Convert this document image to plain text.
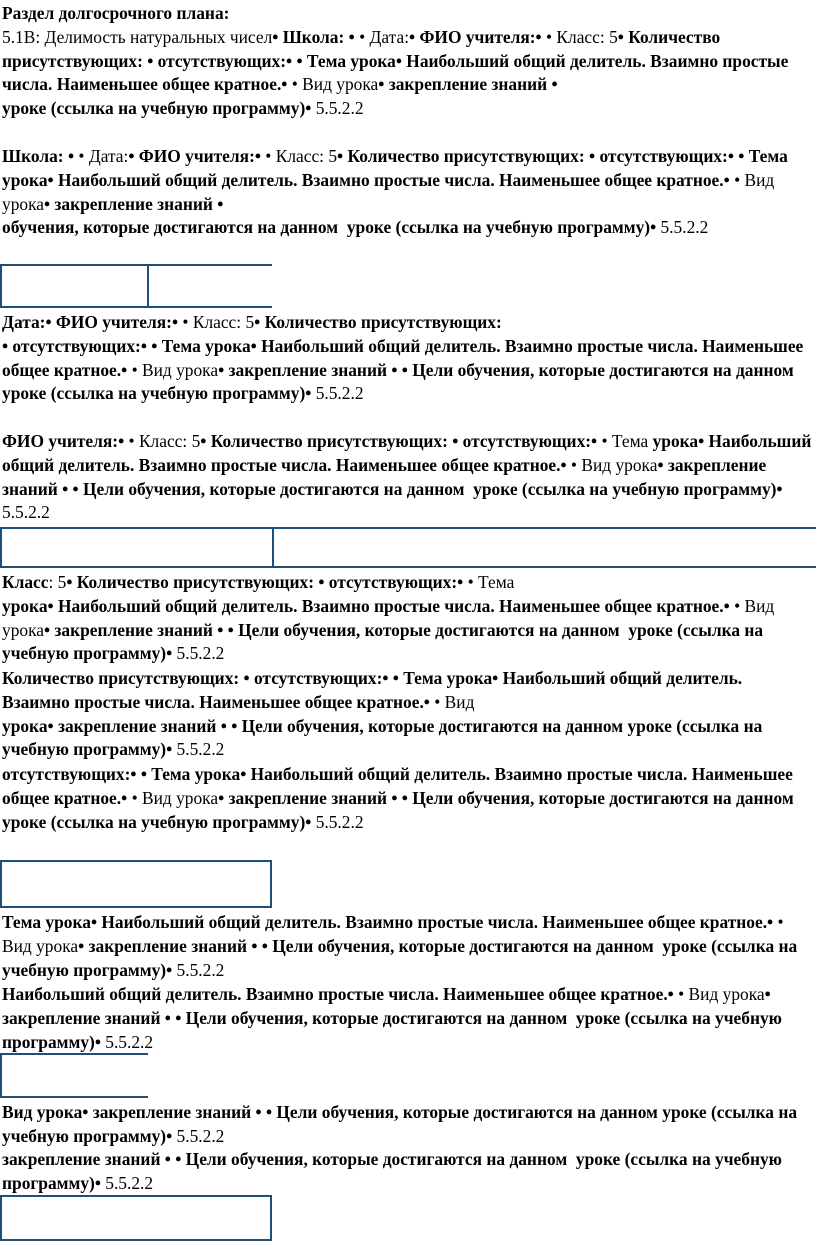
Раздел долгосрочного плана:
5.1В: Делимость натуральных чисел• Школа: • • Дата:• ФИО учителя:• • Класс: 5• Количество присутствующих: • отсутствующих:• • Тема урока• Наибольший общий делитель. Взаимно простые числа. Наименьшее общее кратное.• • Вид урока• закрепление знаний •
уроке (ссылка на учебную программу)• 5.5.2.2

Школа: • • Дата:• ФИО учителя:• • Класс: 5• Количество присутствующих: • отсутствующих:• • Тема урока• Наибольший общий делитель. Взаимно простые числа. Наименьшее общее кратное.• • Вид урока• закрепление знаний •
обучения, которые достигаются на данном  уроке (ссылка на учебную программу)• 5.5.2.2

Дата:• ФИО учителя:• • Класс: 5• Количество присутствующих:
• отсутствующих:• • Тема урока• Наибольший общий делитель. Взаимно простые числа. Наименьшее общее кратное.• • Вид урока• закрепление знаний • • Цели обучения, которые достигаются на данном  уроке (ссылка на учебную программу)• 5.5.2.2

ФИО учителя:• • Класс: 5• Количество присутствующих: • отсутствующих:• • Тема урока• Наибольший общий делитель. Взаимно простые числа. Наименьшее общее кратное.• • Вид урока• закрепление знаний • • Цели обучения, которые достигаются на данном  уроке (ссылка на учебную программу)• 5.5.2.2

Класс: 5• Количество присутствующих: • отсутствующих:• • Тема
урока• Наибольший общий делитель. Взаимно простые числа. Наименьшее общее кратное.• • Вид урока• закрепление знаний • • Цели обучения, которые достигаются на данном  уроке (ссылка на учебную программу)• 5.5.2.2

Количество присутствующих: • отсутствующих:• • Тема урока• Наибольший общий делитель. Взаимно простые числа. Наименьшее общее кратное.• • Вид
урока• закрепление знаний • • Цели обучения, которые достигаются на данном уроке (ссылка на учебную программу)• 5.5.2.2

отсутствующих:• • Тема урока• Наибольший общий делитель. Взаимно простые числа. Наименьшее общее кратное.• • Вид урока• закрепление знаний • • Цели обучения, которые достигаются на данном  уроке (ссылка на учебную программу)• 5.5.2.2

Тема урока• Наибольший общий делитель. Взаимно простые числа. Наименьшее общее кратное.• • Вид урока• закрепление знаний • • Цели обучения, которые достигаются на данном  уроке (ссылка на учебную программу)• 5.5.2.2

Наибольший общий делитель. Взаимно простые числа. Наименьшее общее кратное.• • Вид урока• закрепление знаний • • Цели обучения, которые достигаются на данном  уроке (ссылка на учебную программу)• 5.5.2.2

Вид урока• закрепление знаний • • Цели обучения, которые достигаются на данном уроке (ссылка на учебную программу)• 5.5.2.2

закрепление знаний • • Цели обучения, которые достигаются на данном  уроке (ссылка на учебную программу)• 5.5.2.2
